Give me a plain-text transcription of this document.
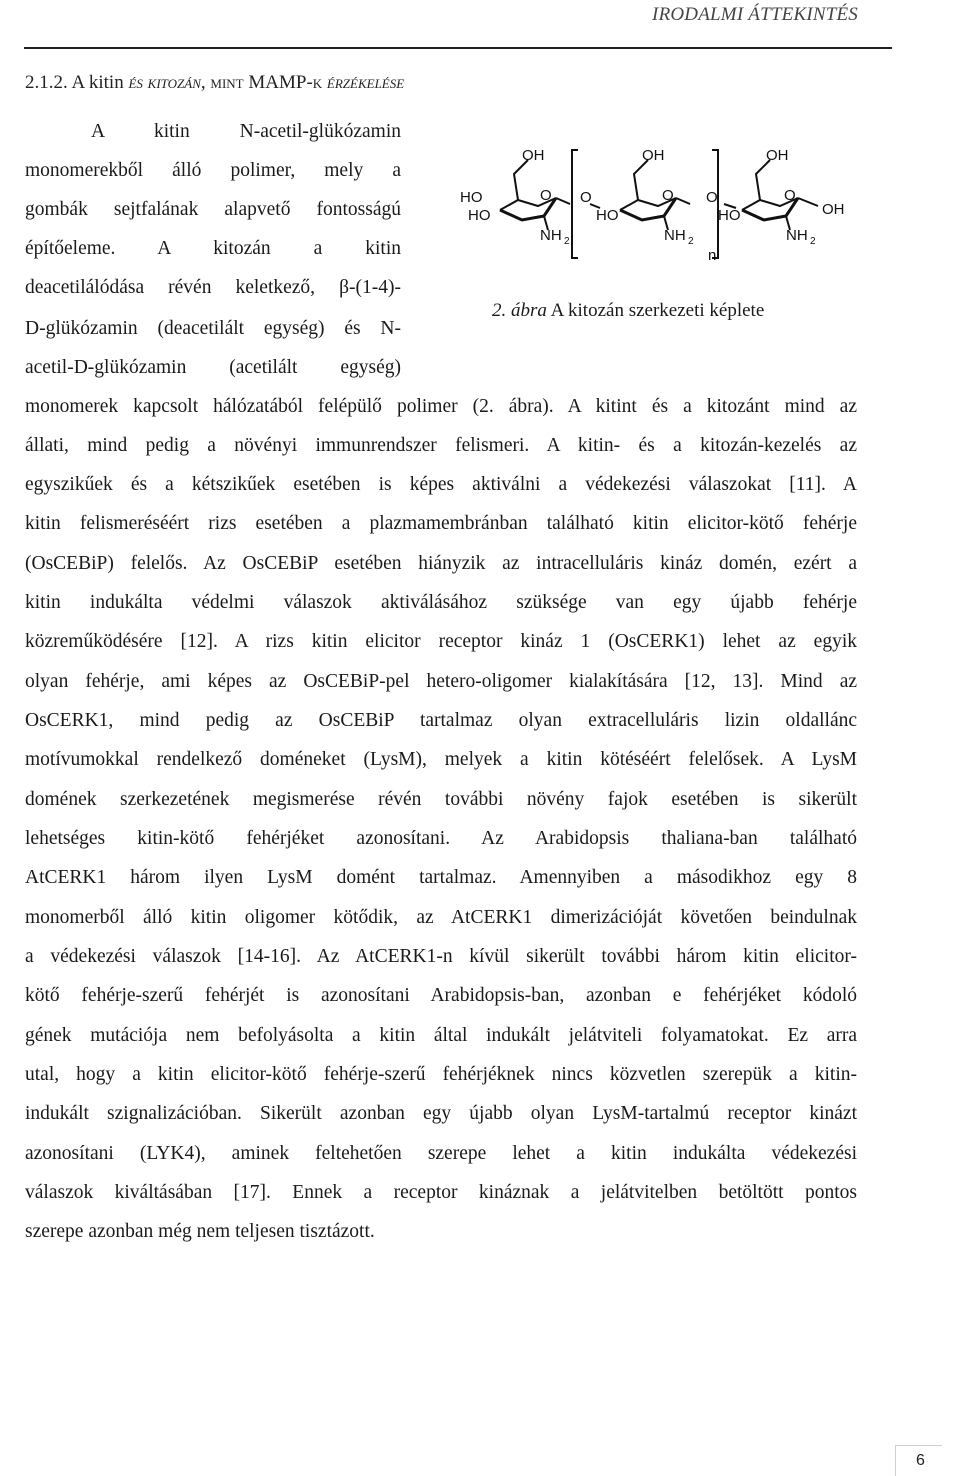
IRODALMI ÁTTEKINTÉS
2.1.2. A kitin és kitozán, mint MAMP-k érzékelése
A kitin N-acetil-glükózamin
monomerekből álló polimer, mely a
gombák sejtfalának alapvető fontosságú
építőeleme. A kitozán a kitin
deacetilálódása révén keletkező, β-(1-4)-
D-glükózamin (deacetilált egység) és N-
acetil-D-glükózamin (acetilált egység)
OH
HO
HO
O
NH 2
O
OH
HO
O
NH 2
n
O
OH
HO
O
OH
NH 2
2. ábra A kitozán szerkezeti képlete
monomerek kapcsolt hálózatából felépülő polimer (2. ábra). A kitint és a kitozánt mind az
állati, mind pedig a növényi immunrendszer felismeri. A kitin- és a kitozán-kezelés az
egyszikűek és a kétszikűek esetében is képes aktiválni a védekezési válaszokat [11]. A
kitin felismeréséért rizs esetében a plazmamembránban található kitin elicitor-kötő fehérje
(OsCEBiP) felelős. Az OsCEBiP esetében hiányzik az intracelluláris kináz domén, ezért a
kitin indukálta védelmi válaszok aktiválásához szüksége van egy újabb fehérje
közreműködésére [12]. A rizs kitin elicitor receptor kináz 1 (OsCERK1) lehet az egyik
olyan fehérje, ami képes az OsCEBiP-pel hetero-oligomer kialakítására [12, 13]. Mind az
OsCERK1, mind pedig az OsCEBiP tartalmaz olyan extracelluláris lizin oldallánc
motívumokkal rendelkező doméneket (LysM), melyek a kitin kötéséért felelősek. A LysM
domének szerkezetének megismerése révén további növény fajok esetében is sikerült
lehetséges kitin-kötő fehérjéket azonosítani. Az Arabidopsis thaliana-ban található
AtCERK1 három ilyen LysM domént tartalmaz. Amennyiben a másodikhoz egy 8
monomerből álló kitin oligomer kötődik, az AtCERK1 dimerizációját követően beindulnak
a védekezési válaszok [14-16]. Az AtCERK1-n kívül sikerült további három kitin elicitor-
kötő fehérje-szerű fehérjét is azonosítani Arabidopsis-ban, azonban e fehérjéket kódoló
gének mutációja nem befolyásolta a kitin által indukált jelátviteli folyamatokat. Ez arra
utal, hogy a kitin elicitor-kötő fehérje-szerű fehérjéknek nincs közvetlen szerepük a kitin-
indukált szignalizációban. Sikerült azonban egy újabb olyan LysM-tartalmú receptor kinázt
azonosítani (LYK4), aminek feltehetően szerepe lehet a kitin indukálta védekezési
válaszok kiváltásában [17]. Ennek a receptor kináznak a jelátvitelben betöltött pontos
szerepe azonban még nem teljesen tisztázott.
6
